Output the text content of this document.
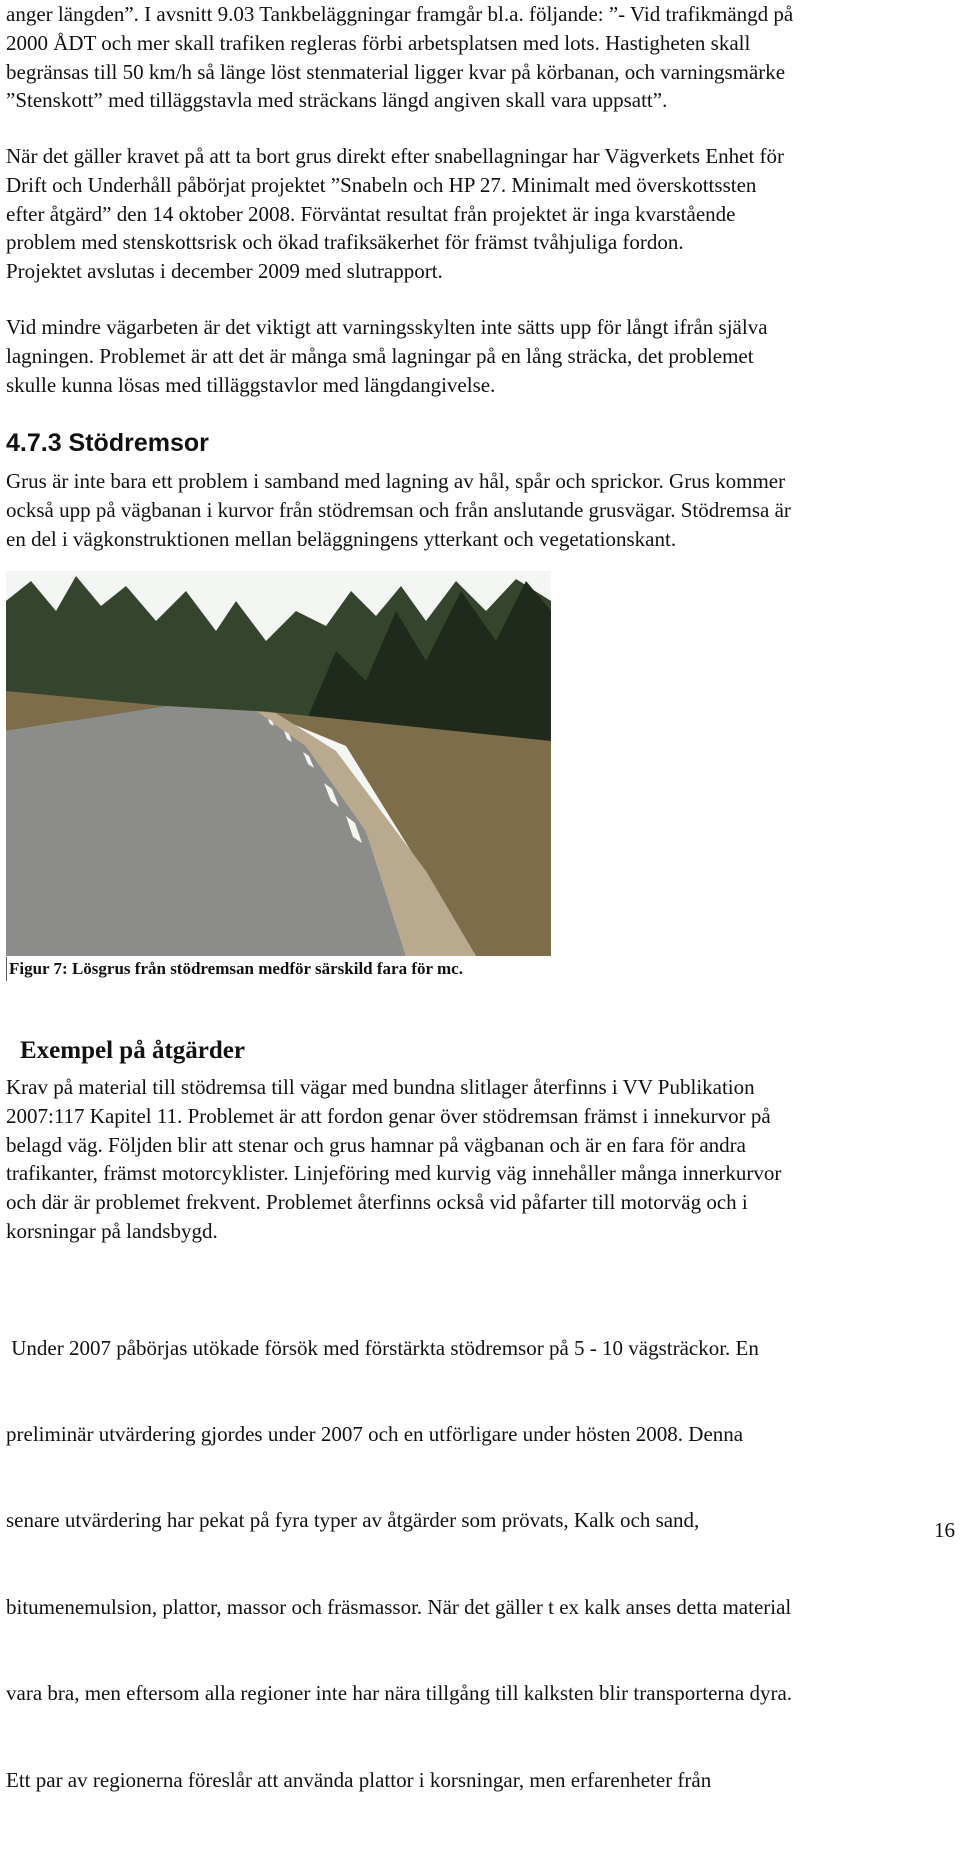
anger längden”. I avsnitt 9.03 Tankbeläggningar framgår bl.a. följande: ”- Vid trafikmängd på
2000 ÅDT och mer skall trafiken regleras förbi arbetsplatsen med lots. Hastigheten skall
begränsas till 50 km/h så länge löst stenmaterial ligger kvar på körbanan, och varningsmärke
”Stenskott” med tilläggstavla med sträckans längd angiven skall vara uppsatt”.

När det gäller kravet på att ta bort grus direkt efter snabellagningar har Vägverkets Enhet för
Drift och Underhåll påbörjat projektet ”Snabeln och HP 27. Minimalt med överskottssten
efter åtgärd” den 14 oktober 2008. Förväntat resultat från projektet är inga kvarstående
problem med stenskottsrisk och ökad trafiksäkerhet för främst tvåhjuliga fordon.
Projektet avslutas i december 2009 med slutrapport.

Vid mindre vägarbeten är det viktigt att varningsskylten inte sätts upp för långt ifrån själva
lagningen. Problemet är att det är många små lagningar på en lång sträcka, det problemet
skulle kunna lösas med tilläggstavlor med längdangivelse.

4.7.3 Stödremsor

Grus är inte bara ett problem i samband med lagning av hål, spår och sprickor. Grus kommer
också upp på vägbanan i kurvor från stödremsan och från anslutande grusvägar. Stödremsa är
en del i vägkonstruktionen mellan beläggningens ytterkant och vegetationskant.

Figur 7: Lösgrus från stödremsan medför särskild fara för mc.

Exempel på åtgärder

Krav på material till stödremsa till vägar med bundna slitlager återfinns i VV Publikation
2007:117 Kapitel 11. Problemet är att fordon genar över stödremsan främst i innekurvor på
belagd väg. Följden blir att stenar och grus hamnar på vägbanan och är en fara för andra
trafikanter, främst motorcyklister. Linjeföring med kurvig väg innehåller många innerkurvor
och där är problemet frekvent. Problemet återfinns också vid påfarter till motorväg och i
korsningar på landsbygd.

Under 2007 påbörjas utökade försök med förstärkta stödremsor på 5 - 10 vägsträckor. En

preliminär utvärdering gjordes under 2007 och en utförligare under hösten 2008. Denna

senare utvärdering har pekat på fyra typer av åtgärder som prövats, Kalk och sand,

bitumenemulsion, plattor, massor och fräsmassor. När det gäller t ex kalk anses detta material

vara bra, men eftersom alla regioner inte har nära tillgång till kalksten blir transporterna dyra.

Ett par av regionerna föreslår att använda plattor i korsningar, men erfarenheter från

16
